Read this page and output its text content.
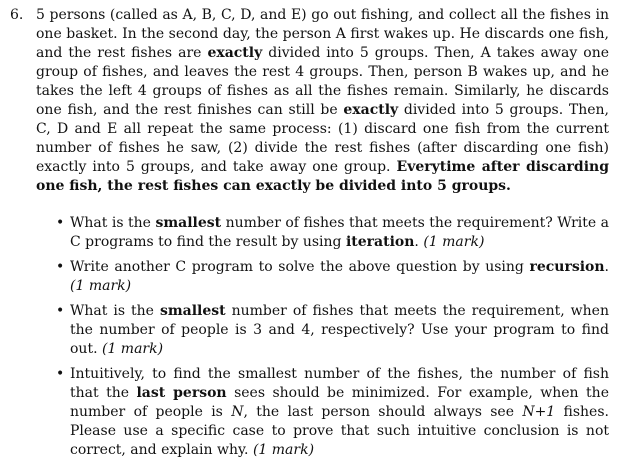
6. 5 persons (called as A, B, C, D, and E) go out fishing, and collect all the fishes in one basket. In the second day, the person A first wakes up. He discards one fish, and the rest fishes are exactly divided into 5 groups. Then, A takes away one group of fishes, and leaves the rest 4 groups. Then, person B wakes up, and he takes the left 4 groups of fishes as all the fishes remain. Similarly, he discards one fish, and the rest finishes can still be exactly divided into 5 groups. Then, C, D and E all repeat the same process: (1) discard one fish from the current number of fishes he saw, (2) divide the rest fishes (after discarding one fish) exactly into 5 groups, and take away one group. Everytime after discarding one fish, the rest fishes can exactly be divided into 5 groups.
• What is the smallest number of fishes that meets the requirement? Write a C programs to find the result by using iteration. (1 mark)
• Write another C program to solve the above question by using recursion. (1 mark)
• What is the smallest number of fishes that meets the requirement, when the number of people is 3 and 4, respectively? Use your program to find out. (1 mark)
• Intuitively, to find the smallest number of the fishes, the number of fish that the last person sees should be minimized. For example, when the number of people is N, the last person should always see N+1 fishes. Please use a specific case to prove that such intuitive conclusion is not correct, and explain why. (1 mark)
